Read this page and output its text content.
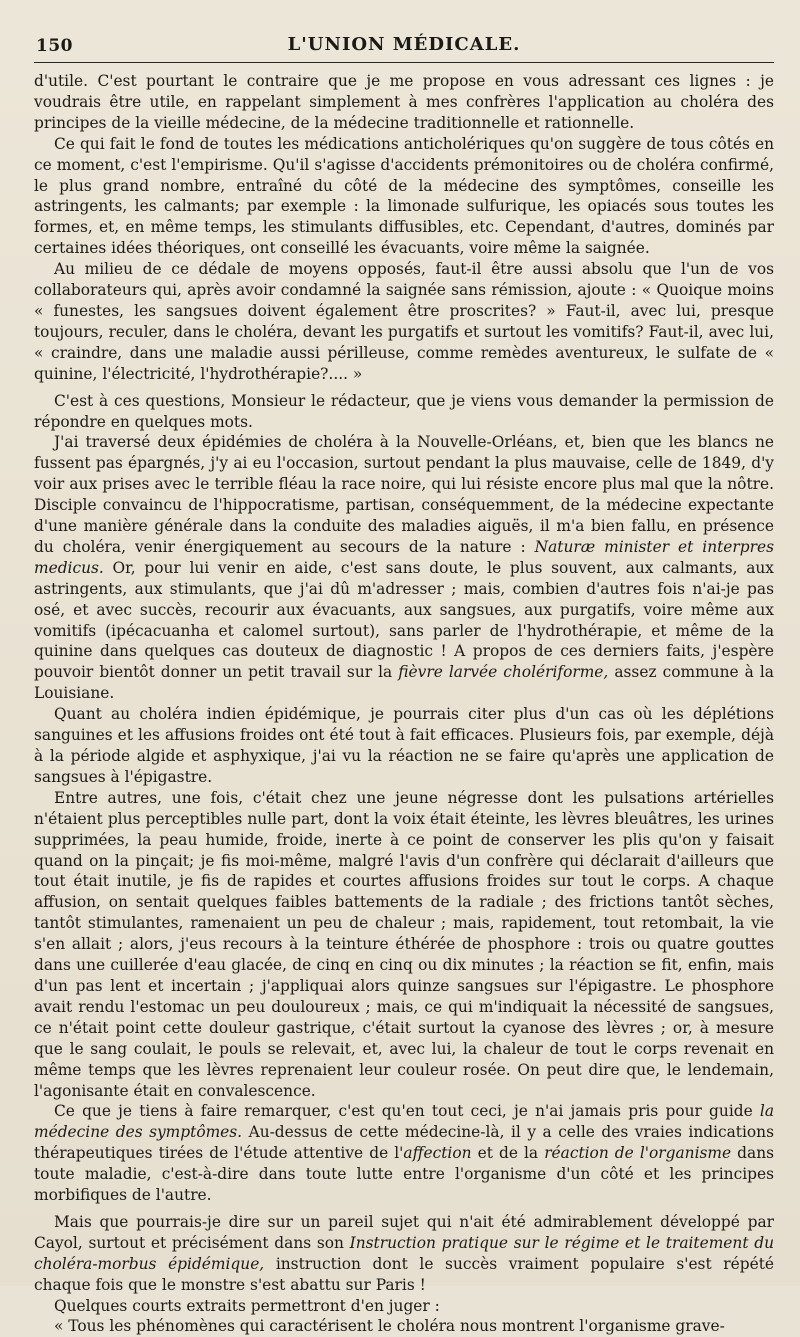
150	L'UNION MÉDICALE.

d'utile. C'est pourtant le contraire que je me propose en vous adressant ces lignes : je voudrais être utile, en rappelant simplement à mes confrères l'application au choléra des principes de la vieille médecine, de la médecine traditionnelle et rationnelle.

Ce qui fait le fond de toutes les médications anticholériques qu'on suggère de tous côtés en ce moment, c'est l'empirisme. Qu'il s'agisse d'accidents prémonitoires ou de choléra confirmé, le plus grand nombre, entraîné du côté de la médecine des symptômes, conseille les astringents, les calmants; par exemple : la limonade sulfurique, les opiacés sous toutes les formes, et, en même temps, les stimulants diffusibles, etc. Cependant, d'autres, dominés par certaines idées théoriques, ont conseillé les évacuants, voire même la saignée.

Au milieu de ce dédale de moyens opposés, faut-il être aussi absolu que l'un de vos collaborateurs qui, après avoir condamné la saignée sans rémission, ajoute : « Quoique moins « funestes, les sangsues doivent également être proscrites? » Faut-il, avec lui, presque toujours, reculer, dans le choléra, devant les purgatifs et surtout les vomitifs? Faut-il, avec lui, « craindre, dans une maladie aussi périlleuse, comme remèdes aventureux, le sulfate de « quinine, l'électricité, l'hydrothérapie?.... »

C'est à ces questions, Monsieur le rédacteur, que je viens vous demander la permission de répondre en quelques mots.

J'ai traversé deux épidémies de choléra à la Nouvelle-Orléans, et, bien que les blancs ne fussent pas épargnés, j'y ai eu l'occasion, surtout pendant la plus mauvaise, celle de 1849, d'y voir aux prises avec le terrible fléau la race noire, qui lui résiste encore plus mal que la nôtre. Disciple convaincu de l'hippocratisme, partisan, conséquemment, de la médecine expectante d'une manière générale dans la conduite des maladies aiguës, il m'a bien fallu, en présence du choléra, venir énergiquement au secours de la nature : Naturæ minister et interpres medicus. Or, pour lui venir en aide, c'est sans doute, le plus souvent, aux calmants, aux astringents, aux stimulants, que j'ai dû m'adresser ; mais, combien d'autres fois n'ai-je pas osé, et avec succès, recourir aux évacuants, aux sangsues, aux purgatifs, voire même aux vomitifs (ipécacuanha et calomel surtout), sans parler de l'hydrothérapie, et même de la quinine dans quelques cas douteux de diagnostic ! A propos de ces derniers faits, j'espère pouvoir bientôt donner un petit travail sur la fièvre larvée cholériforme, assez commune à la Louisiane.

Quant au choléra indien épidémique, je pourrais citer plus d'un cas où les déplétions sanguines et les affusions froides ont été tout à fait efficaces. Plusieurs fois, par exemple, déjà à la période algide et asphyxique, j'ai vu la réaction ne se faire qu'après une application de sangsues à l'épigastre.

Entre autres, une fois, c'était chez une jeune négresse dont les pulsations artérielles n'étaient plus perceptibles nulle part, dont la voix était éteinte, les lèvres bleuâtres, les urines supprimées, la peau humide, froide, inerte à ce point de conserver les plis qu'on y faisait quand on la pinçait; je fis moi-même, malgré l'avis d'un confrère qui déclarait d'ailleurs que tout était inutile, je fis de rapides et courtes affusions froides sur tout le corps. A chaque affusion, on sentait quelques faibles battements de la radiale ; des frictions tantôt sèches, tantôt stimulantes, ramenaient un peu de chaleur ; mais, rapidement, tout retombait, la vie s'en allait ; alors, j'eus recours à la teinture éthérée de phosphore : trois ou quatre gouttes dans une cuillerée d'eau glacée, de cinq en cinq ou dix minutes ; la réaction se fit, enfin, mais d'un pas lent et incertain ; j'appliquai alors quinze sangsues sur l'épigastre. Le phosphore avait rendu l'estomac un peu douloureux ; mais, ce qui m'indiquait la nécessité de sangsues, ce n'était point cette douleur gastrique, c'était surtout la cyanose des lèvres ; or, à mesure que le sang coulait, le pouls se relevait, et, avec lui, la chaleur de tout le corps revenait en même temps que les lèvres reprenaient leur couleur rosée. On peut dire que, le lendemain, l'agonisante était en convalescence.

Ce que je tiens à faire remarquer, c'est qu'en tout ceci, je n'ai jamais pris pour guide la médecine des symptômes. Au-dessus de cette médecine-là, il y a celle des vraies indications thérapeutiques tirées de l'étude attentive de l'affection et de la réaction de l'organisme dans toute maladie, c'est-à-dire dans toute lutte entre l'organisme d'un côté et les principes morbifiques de l'autre.

Mais que pourrais-je dire sur un pareil sujet qui n'ait été admirablement développé par Cayol, surtout et précisément dans son Instruction pratique sur le régime et le traitement du choléra-morbus épidémique, instruction dont le succès vraiment populaire s'est répété chaque fois que le monstre s'est abattu sur Paris !

Quelques courts extraits permettront d'en juger :

« Tous les phénomènes qui caractérisent le choléra nous montrent l'organisme grave-
